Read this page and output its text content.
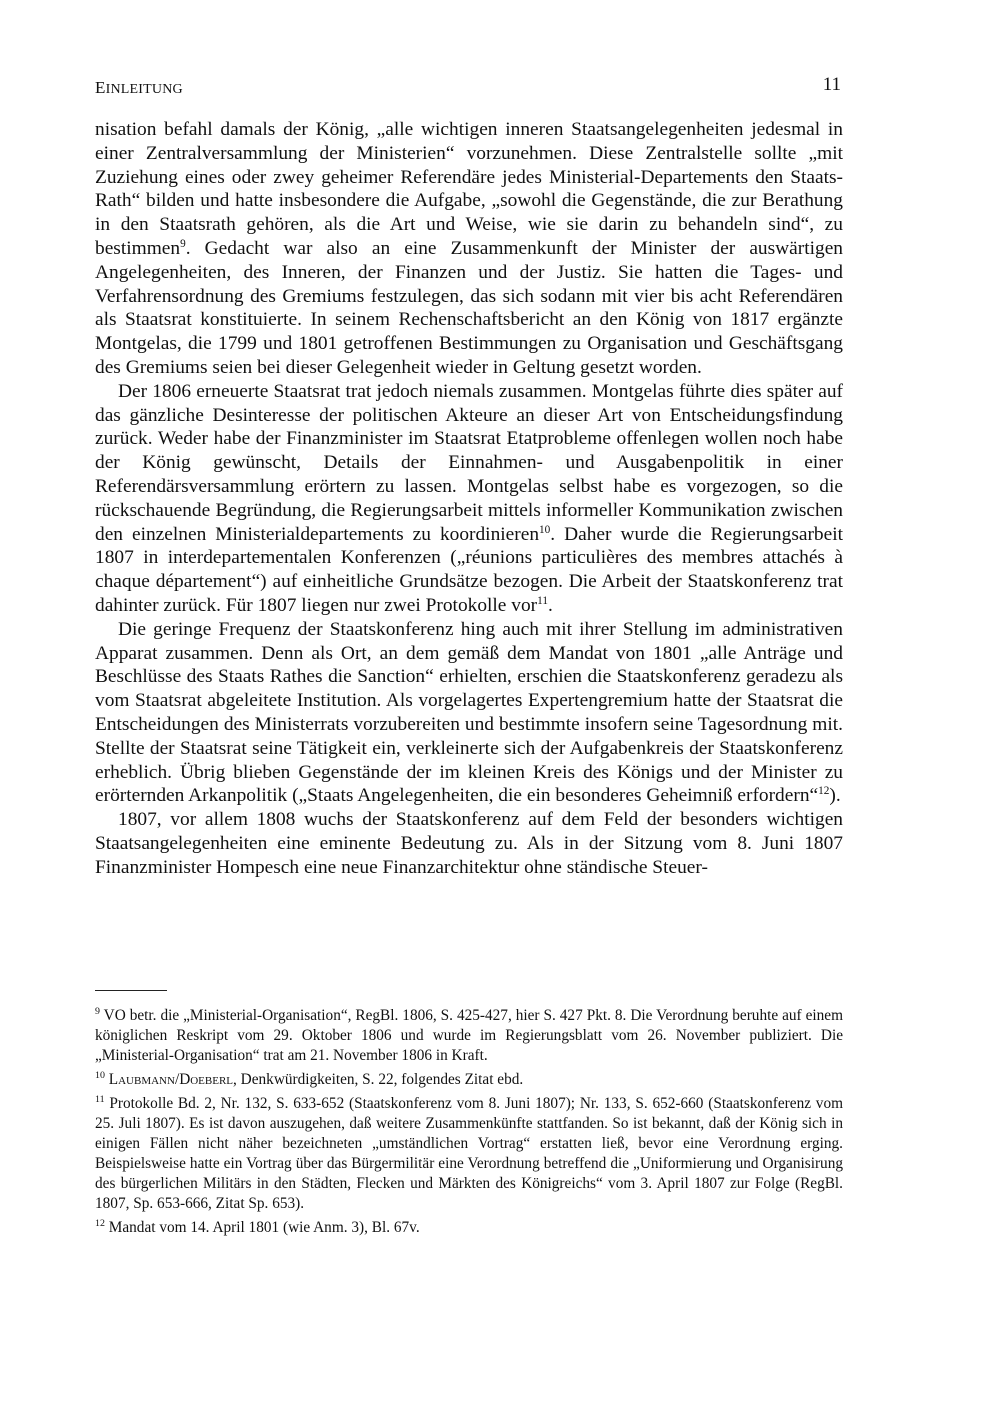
EINLEITUNG	11

nisation befahl damals der König, „alle wichtigen inneren Staatsangelegenheiten jedesmal in einer Zentralversammlung der Ministerien“ vorzunehmen. Diese Zentralstelle sollte „mit Zuziehung eines oder zwey geheimer Referendäre jedes Ministerial-Departements den Staats-Rath“ bilden und hatte insbesondere die Aufgabe, „sowohl die Gegenstände, die zur Berathung in den Staatsrath gehören, als die Art und Weise, wie sie darin zu behandeln sind“, zu bestimmen$^9$. Gedacht war also an eine Zusammenkunft der Minister der auswärtigen Angelegenheiten, des Inneren, der Finanzen und der Justiz. Sie hatten die Tages- und Verfahrensordnung des Gremiums festzulegen, das sich sodann mit vier bis acht Referendären als Staatsrat konstituierte. In seinem Rechenschaftsbericht an den König von 1817 ergänzte Montgelas, die 1799 und 1801 getroffenen Bestimmungen zu Organisation und Geschäftsgang des Gremiums seien bei dieser Gelegenheit wieder in Geltung gesetzt worden.

Der 1806 erneuerte Staatsrat trat jedoch niemals zusammen. Montgelas führte dies später auf das gänzliche Desinteresse der politischen Akteure an dieser Art von Entscheidungsfindung zurück. Weder habe der Finanzminister im Staatsrat Etatprobleme offenlegen wollen noch habe der König gewünscht, Details der Einnahmen- und Ausgabenpolitik in einer Referendärsversammlung erörtern zu lassen. Montgelas selbst habe es vorgezogen, so die rückschauende Begründung, die Regierungsarbeit mittels informeller Kommunikation zwischen den einzelnen Ministerialdepartements zu koordinieren$^{10}$. Daher wurde die Regierungsarbeit 1807 in interdepartementalen Konferenzen („réunions particulières des membres attachés à chaque département“) auf einheitliche Grundsätze bezogen. Die Arbeit der Staatskonferenz trat dahinter zurück. Für 1807 liegen nur zwei Protokolle vor$^{11}$.

Die geringe Frequenz der Staatskonferenz hing auch mit ihrer Stellung im administrativen Apparat zusammen. Denn als Ort, an dem gemäß dem Mandat von 1801 „alle Anträge und Beschlüsse des Staats Rathes die Sanction“ erhielten, erschien die Staatskonferenz geradezu als vom Staatsrat abgeleitete Institution. Als vorgelagertes Expertengremium hatte der Staatsrat die Entscheidungen des Ministerrats vorzubereiten und bestimmte insofern seine Tagesordnung mit. Stellte der Staatsrat seine Tätigkeit ein, verkleinerte sich der Aufgabenkreis der Staatskonferenz erheblich. Übrig blieben Gegenstände der im kleinen Kreis des Königs und der Minister zu erörternden Arkanpolitik („Staats Angelegenheiten, die ein besonderes Geheimniß erfordern“$^{12}$).

1807, vor allem 1808 wuchs der Staatskonferenz auf dem Feld der besonders wichtigen Staatsangelegenheiten eine eminente Bedeutung zu. Als in der Sitzung vom 8. Juni 1807 Finanzminister Hompesch eine neue Finanzarchitektur ohne ständische Steuer-

$^9$ VO betr. die „Ministerial-Organisation“, RegBl. 1806, S. 425-427, hier S. 427 Pkt. 8. Die Verordnung beruhte auf einem königlichen Reskript vom 29. Oktober 1806 und wurde im Regierungsblatt vom 26. November publiziert. Die „Ministerial-Organisation“ trat am 21. November 1806 in Kraft.

$^{10}$ Laubmann/Doeberl, Denkwürdigkeiten, S. 22, folgendes Zitat ebd.

$^{11}$ Protokolle Bd. 2, Nr. 132, S. 633-652 (Staatskonferenz vom 8. Juni 1807); Nr. 133, S. 652-660 (Staatskonferenz vom 25. Juli 1807). Es ist davon auszugehen, daß weitere Zusammenkünfte stattfanden. So ist bekannt, daß der König sich in einigen Fällen nicht näher bezeichneten „umständlichen Vortrag“ erstatten ließ, bevor eine Verordnung erging. Beispielsweise hatte ein Vortrag über das Bürgermilitär eine Verordnung betreffend die „Uniformierung und Organisirung des bürgerlichen Militärs in den Städten, Flecken und Märkten des Königreichs“ vom 3. April 1807 zur Folge (RegBl. 1807, Sp. 653-666, Zitat Sp. 653).

$^{12}$ Mandat vom 14. April 1801 (wie Anm. 3), Bl. 67v.
